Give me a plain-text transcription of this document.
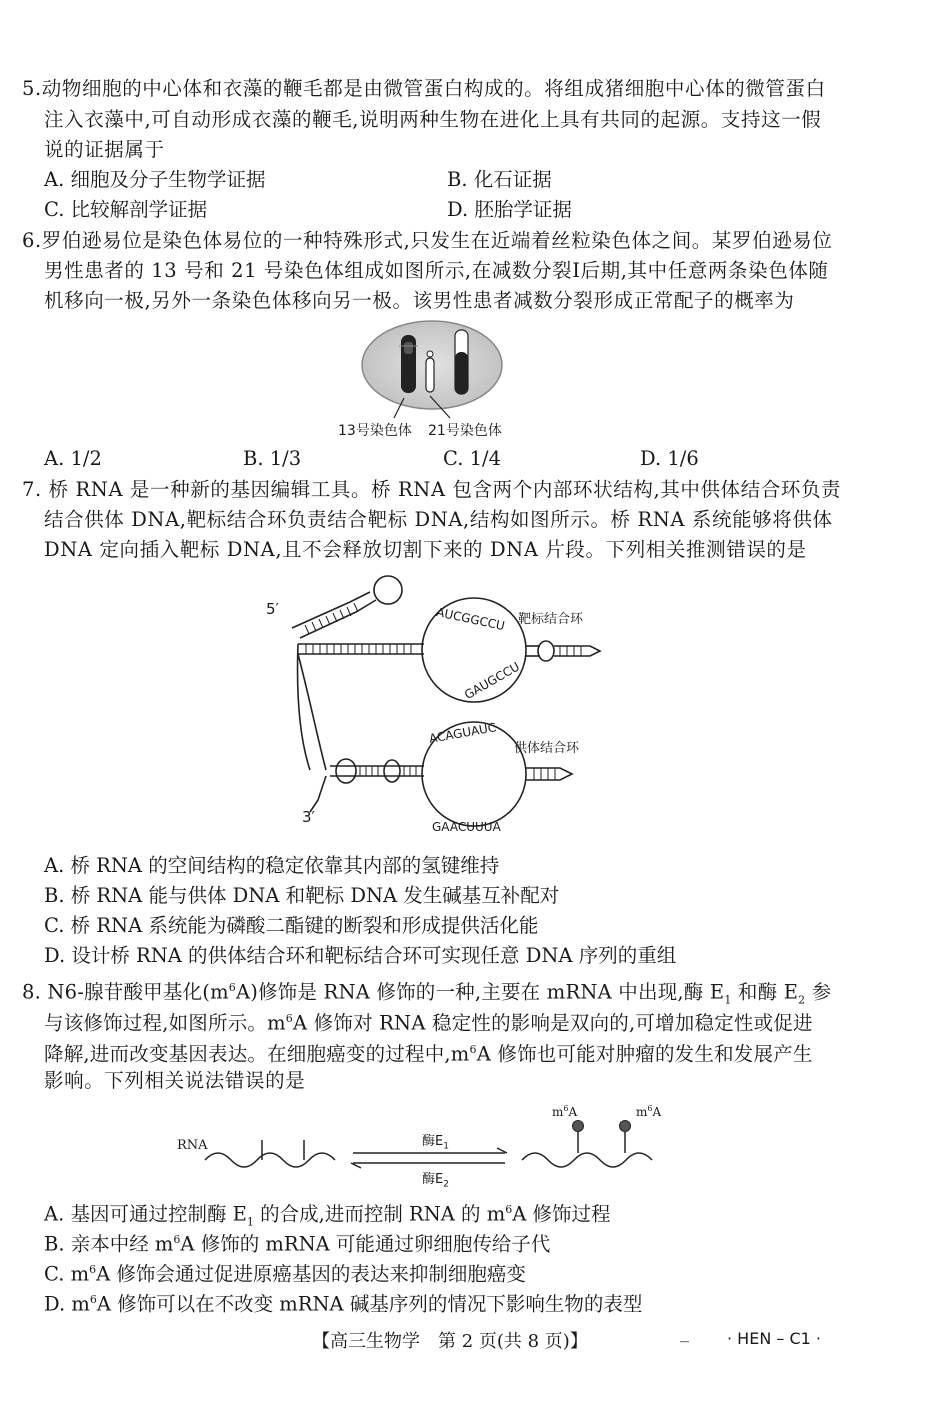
5.动物细胞的中心体和衣藻的鞭毛都是由微管蛋白构成的。将组成猪细胞中心体的微管蛋白
注入衣藻中,可自动形成衣藻的鞭毛,说明两种生物在进化上具有共同的起源。支持这一假
说的证据属于
A. 细胞及分子生物学证据	B. 化石证据
C. 比较解剖学证据	D. 胚胎学证据
6.罗伯逊易位是染色体易位的一种特殊形式,只发生在近端着丝粒染色体之间。某罗伯逊易位
男性患者的 13 号和 21 号染色体组成如图所示,在减数分裂Ⅰ后期,其中任意两条染色体随
机移向一极,另外一条染色体移向另一极。该男性患者减数分裂形成正常配子的概率为
13号染色体 21号染色体
A. 1/2	B. 1/3	C. 1/4	D. 1/6
7. 桥 RNA 是一种新的基因编辑工具。桥 RNA 包含两个内部环状结构,其中供体结合环负责
结合供体 DNA,靶标结合环负责结合靶标 DNA,结构如图所示。桥 RNA 系统能够将供体
DNA 定向插入靶标 DNA,且不会释放切割下来的 DNA 片段。下列相关推测错误的是
5′
3′
AUCGGCCU 靶标结合环
GAUGCCU
ACAGUAUC
供体结合环
GAACUUUA
A. 桥 RNA 的空间结构的稳定依靠其内部的氢键维持
B. 桥 RNA 能与供体 DNA 和靶标 DNA 发生碱基互补配对
C. 桥 RNA 系统能为磷酸二酯键的断裂和形成提供活化能
D. 设计桥 RNA 的供体结合环和靶标结合环可实现任意 DNA 序列的重组
8. N6-腺苷酸甲基化$(m^6A)$修饰是 RNA 修饰的一种,主要在 mRNA 中出现,酶 $E_1$ 和酶 $E_2$ 参
与该修饰过程,如图所示。$m^6A$ 修饰对 RNA 稳定性的影响是双向的,可增加稳定性或促进
降解,进而改变基因表达。在细胞癌变的过程中$,m^6A$ 修饰也可能对肿瘤的发生和发展产生
影响。下列相关说法错误的是
RNA	酶$E_1$
酶$E_2$
$m^6A$	$m^6A$
A. 基因可通过控制酶 $E_1$ 的合成,进而控制 RNA 的 $m^6A$ 修饰过程
B. 亲本中经 $m^6A$ 修饰的 mRNA 可能通过卵细胞传给子代
C. $m^6A$ 修饰会通过促进原癌基因的表达来抑制细胞癌变
D. $m^6A$ 修饰可以在不改变 mRNA 碱基序列的情况下影响生物的表型
【高三生物学　第 2 页(共 8 页)】	_ · HEN – C1 ·
